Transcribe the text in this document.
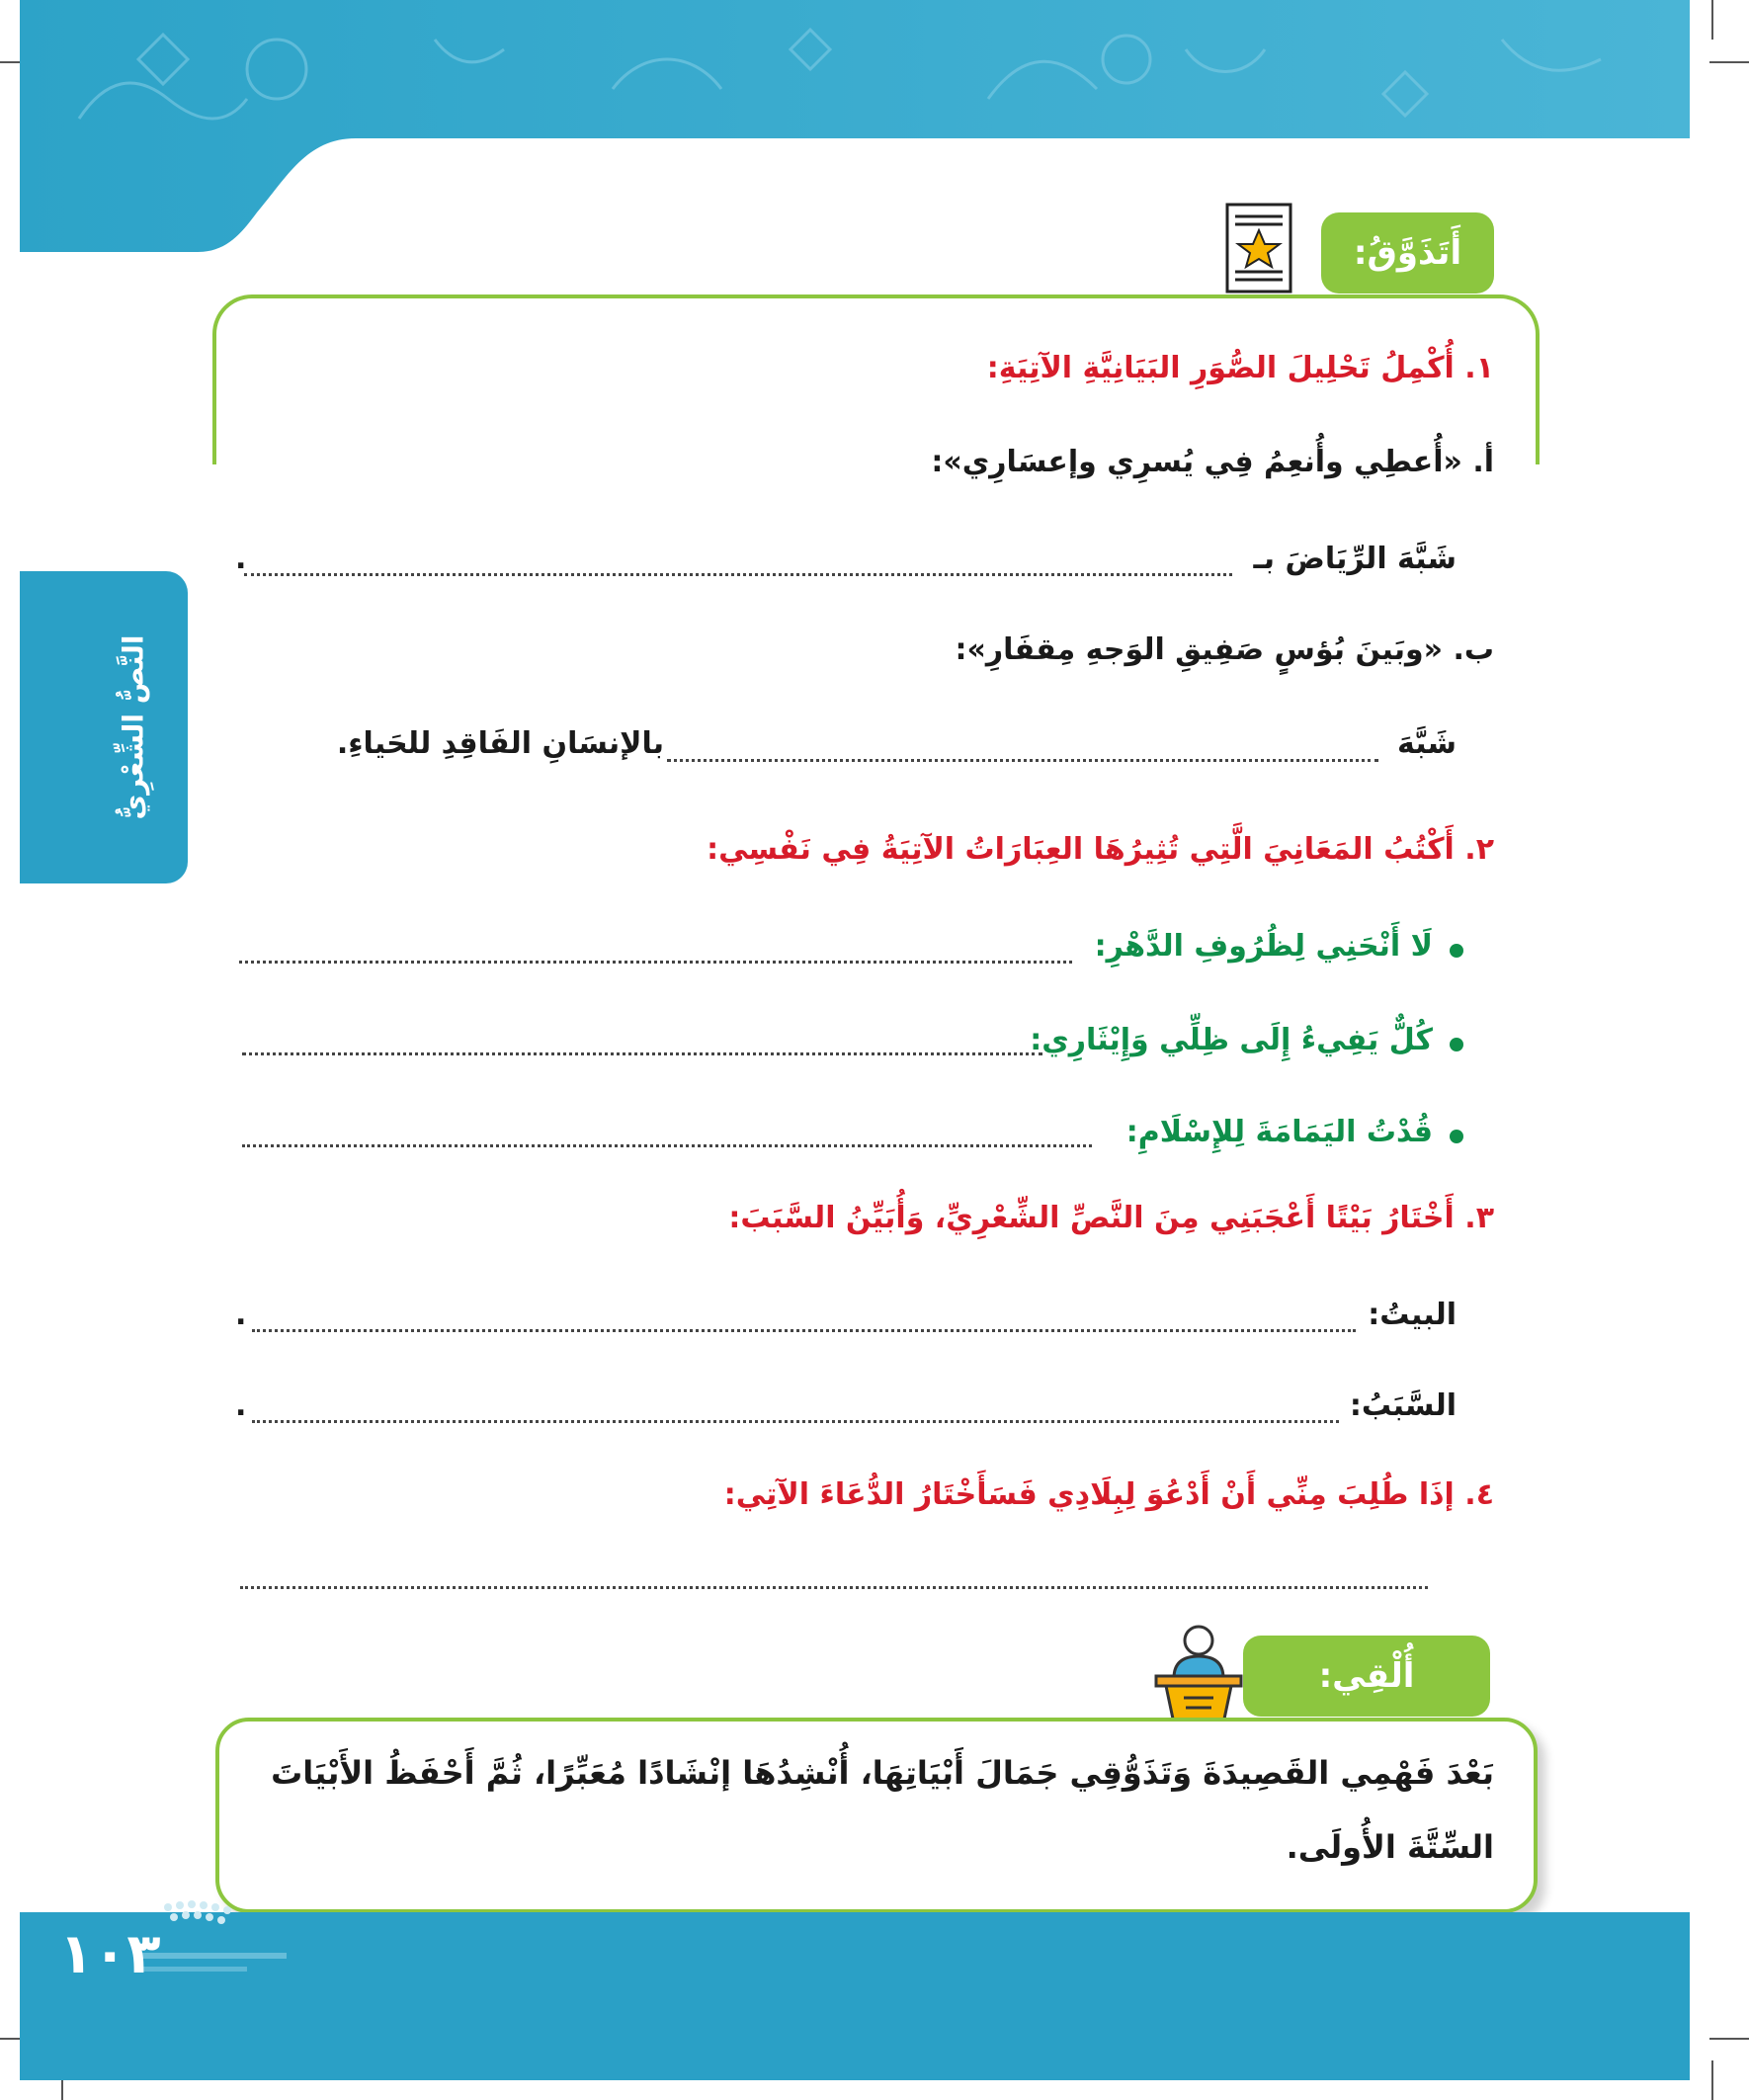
النَّصُّ الشِّعْرِيُّ
أَتَذَوَّقُ:
١. أُكْمِلُ تَحْلِيلَ الصُّوَرِ البَيَانِيَّةِ الآتِيَةِ:
أ. «أُعطِي وأُنعِمُ فِي يُسرِي وإعسَارِي»:
شَبَّهَ الرِّيَاضَ بـ
.
ب. «وبَينَ بُؤسٍ صَفِيقِ الوَجهِ مِقفَارِ»:
شَبَّهَ
بالإنسَانِ الفَاقِدِ للحَياءِ.
٢. أَكْتُبُ المَعَانِيَ الَّتِي تُثِيرُهَا العِبَارَاتُ الآتِيَةُ فِي نَفْسِي:
لَا أَنْحَنِي لِظُرُوفِ الدَّهْرِ:
كُلٌّ يَفِيءُ إِلَى ظِلِّي وَإِيْثَارِي:
قُدْتُ اليَمَامَةَ لِلإِسْلَامِ:
٣. أَخْتَارُ بَيْتًا أَعْجَبَنِي مِنَ النَّصِّ الشِّعْرِيِّ، وَأُبَيِّنُ السَّبَبَ:
البيتُ:
.
السَّبَبُ:
.
٤. إذَا طُلِبَ مِنِّي أَنْ أَدْعُوَ لِبِلَادِي فَسَأَخْتَارُ الدُّعَاءَ الآتِي:
أُلْقِي:
بَعْدَ فَهْمِي القَصِيدَةَ وَتَذَوُّقِي جَمَالَ أَبْيَاتِهَا، أُنْشِدُهَا إنْشَادًا مُعَبِّرًا، ثُمَّ أَحْفَظُ الأَبْيَاتَ
السِّتَّةَ الأُولَى.
١٠٣
